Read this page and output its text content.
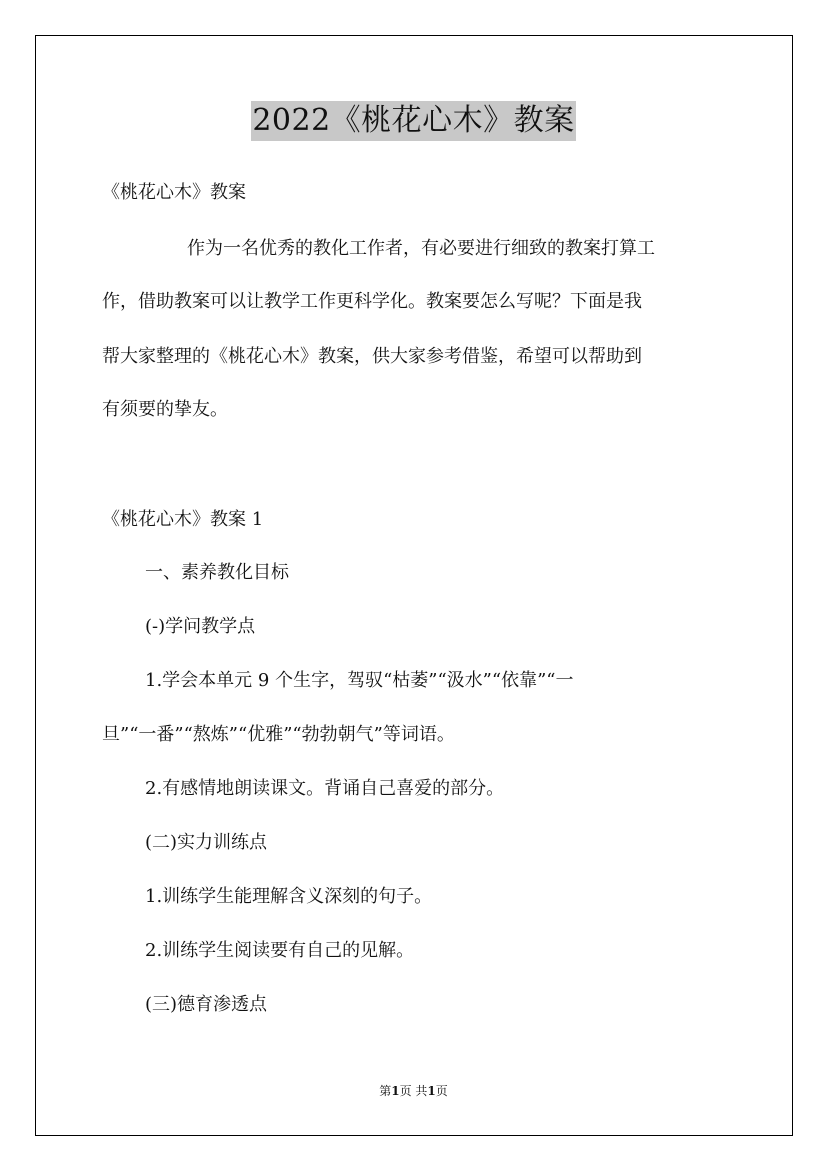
2022《桃花心木》教案
《桃花心木》教案
作为一名优秀的教化工作者，有必要进行细致的教案打算工
作，借助教案可以让教学工作更科学化。教案要怎么写呢？下面是我
帮大家整理的《桃花心木》教案，供大家参考借鉴，希望可以帮助到
有须要的挚友。
《桃花心木》教案 1
一、素养教化目标
(-)学问教学点
1.学会本单元 9 个生字，驾驭“枯萎”“汲水”“依靠”“一
旦”“一番”“熬炼”“优雅”“勃勃朝气”等词语。
2.有感情地朗读课文。背诵自己喜爱的部分。
(二)实力训练点
1.训练学生能理解含义深刻的句子。
2.训练学生阅读要有自己的见解。
(三)德育渗透点
第1页 共1页
